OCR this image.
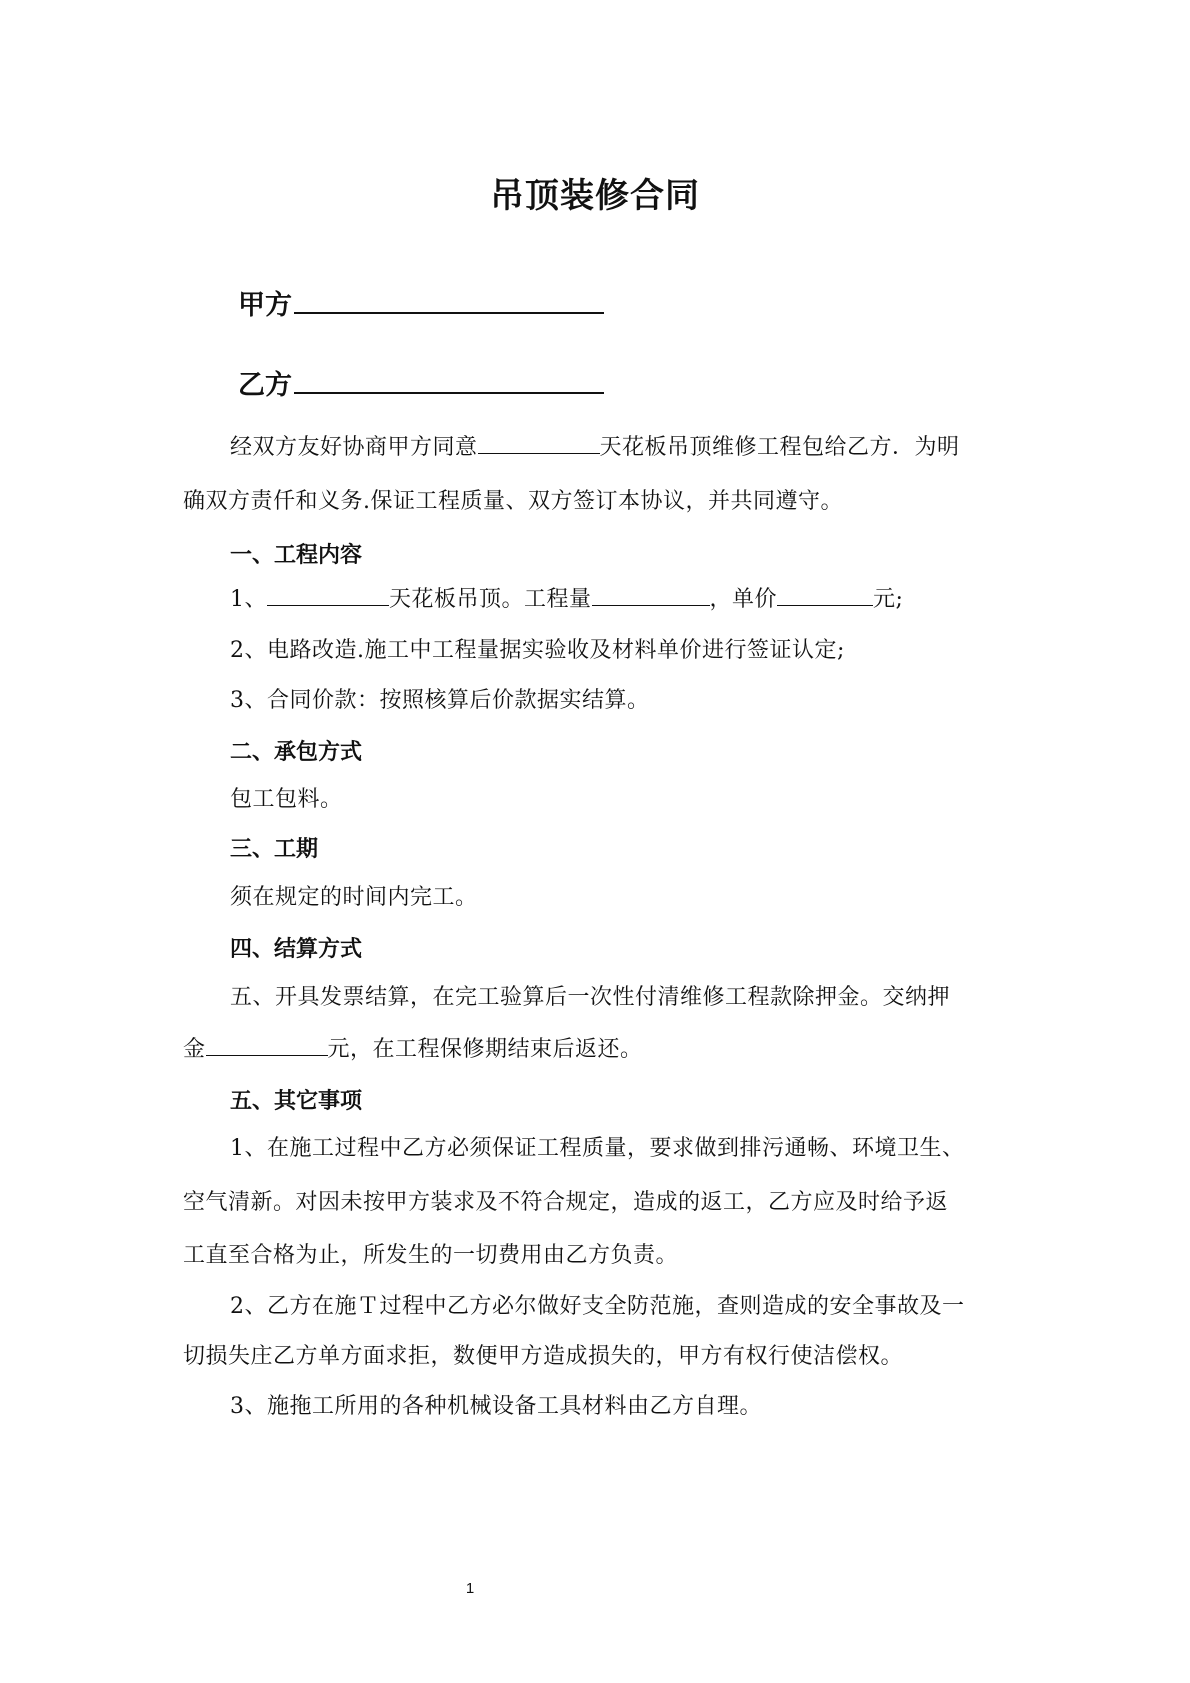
吊顶装修合同
甲方
乙方
经双方友好协商甲方同意	天花板吊顶维修工程包给乙方．为明
确双方责仟和义务.保证工程质量、双方签订本协议，并共同遵守。
一、工程内容
1、	天花板吊顶。工程量	，单价	元;
2、电路改造.施工中工程量据实验收及材料单价进行签证认定;
3、合同价款：按照核算后价款据实结算。
二、承包方式
包工包料。
三、工期
须在规定的时间内完工。
四、结算方式
五、开具发票结算，在完工验算后一次性付清维修工程款除押金。交纳押
金	元，在工程保修期结束后返还。
五、其它事项
1、在施工过程中乙方必须保证工程质量，要求做到排污通畅、环境卫生、
空气清新。对因未按甲方装求及不符合规定，造成的返工，乙方应及时给予返
工直至合格为止，所发生的一切费用由乙方负责。
2、乙方在施Ｔ过程中乙方必尔做好支全防范施，查则造成的安全事故及一
切损失庄乙方单方面求拒，数便甲方造成损失的，甲方有权行使洁偿权。
3、施拖工所用的各种机械设备工具材料由乙方自理。
1
